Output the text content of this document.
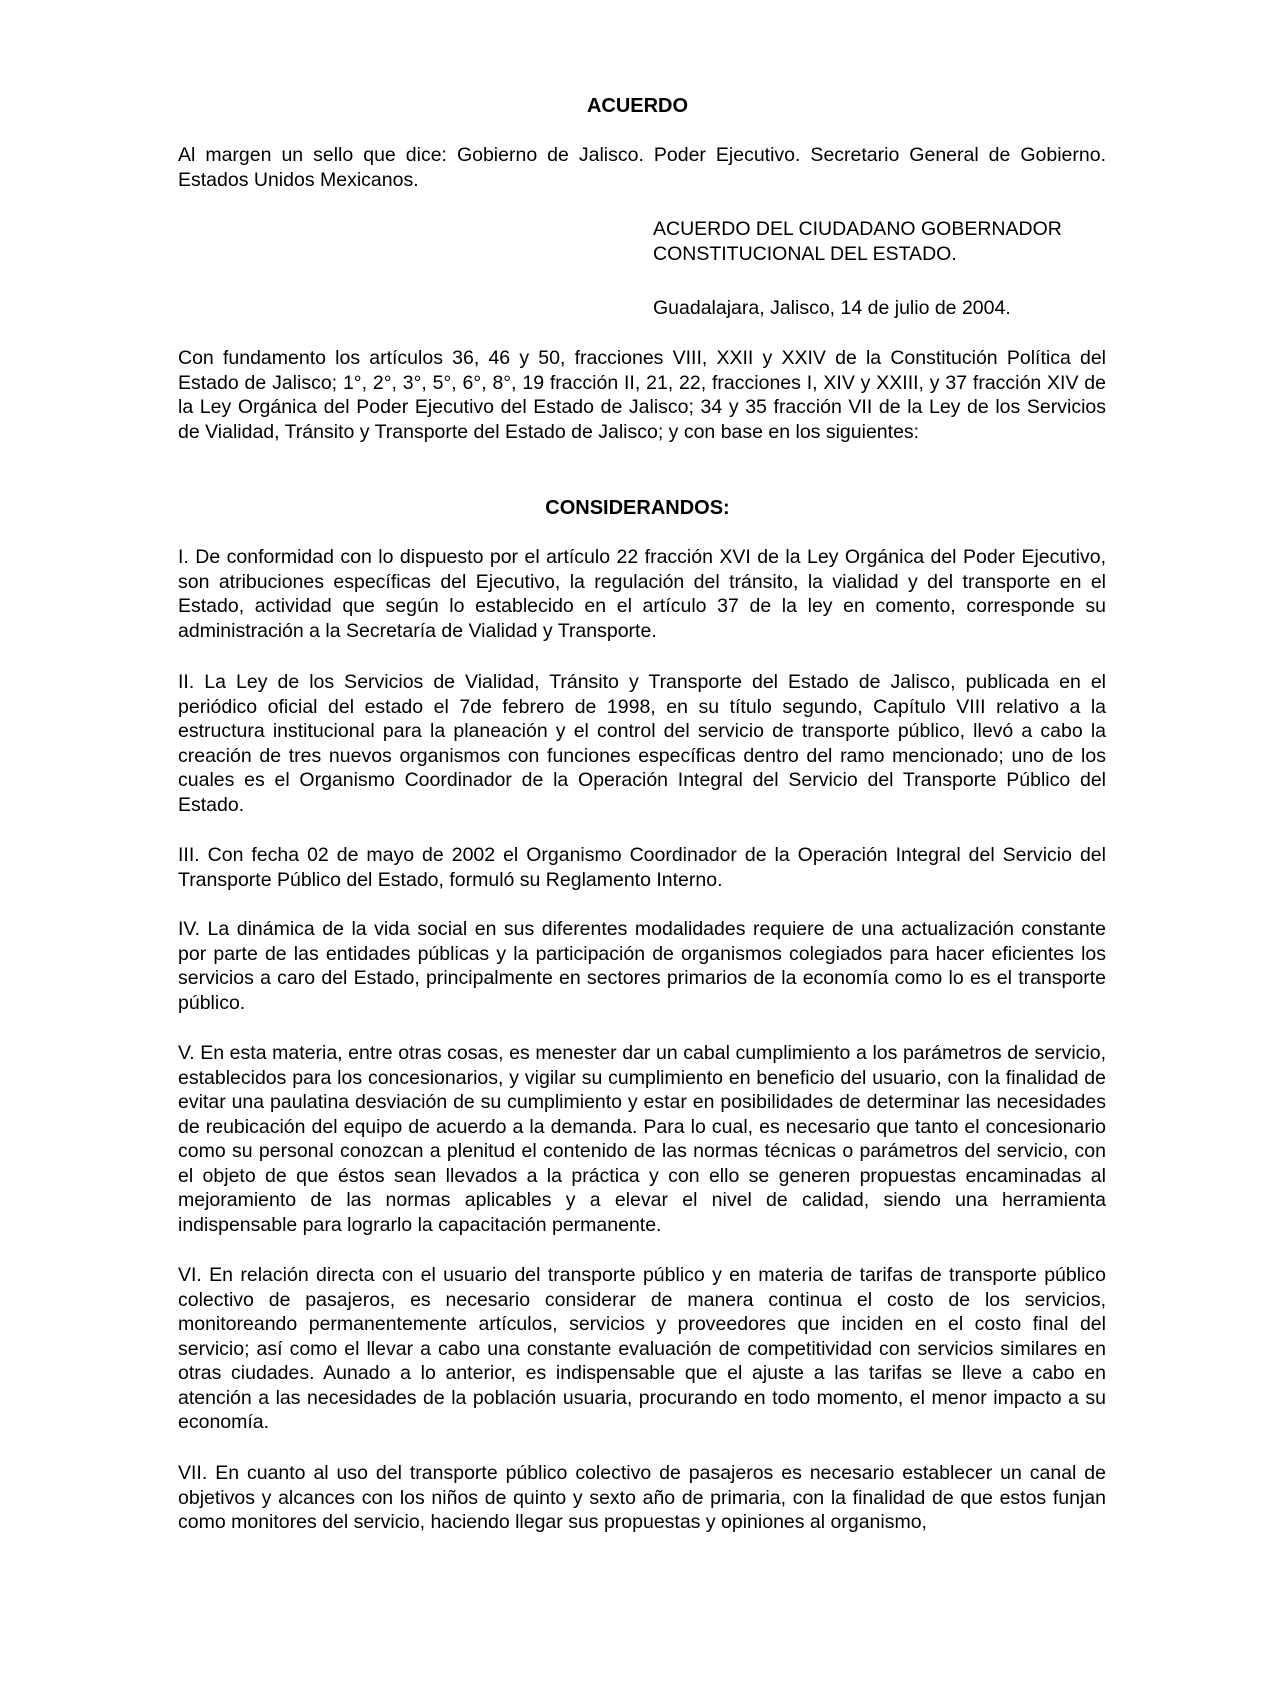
ACUERDO

Al margen un sello que dice: Gobierno de Jalisco. Poder Ejecutivo. Secretario General de Gobierno. Estados Unidos Mexicanos.

ACUERDO DEL CIUDADANO GOBERNADOR
CONSTITUCIONAL DEL ESTADO.
Guadalajara, Jalisco, 14 de julio de 2004.

Con fundamento los artículos 36, 46 y 50, fracciones VIII, XXII y XXIV de la Constitución Política del Estado de Jalisco; 1°, 2°, 3°, 5°, 6°, 8°, 19 fracción II, 21, 22, fracciones I, XIV y XXIII, y 37 fracción XIV de la Ley Orgánica del Poder Ejecutivo del Estado de Jalisco; 34 y 35 fracción VII de la Ley de los Servicios de Vialidad, Tránsito y Transporte del Estado de Jalisco; y con base en los siguientes:

CONSIDERANDOS:

I. De conformidad con lo dispuesto por el artículo 22 fracción XVI de la Ley Orgánica del Poder Ejecutivo, son atribuciones específicas del Ejecutivo, la regulación del tránsito, la vialidad y del transporte en el Estado, actividad que según lo establecido en el artículo 37 de la ley en comento, corresponde su administración a la Secretaría de Vialidad y Transporte.

II. La Ley de los Servicios de Vialidad, Tránsito y Transporte del Estado de Jalisco, publicada en el periódico oficial del estado el 7de febrero de 1998, en su título segundo, Capítulo VIII relativo a la estructura institucional para la planeación y el control del servicio de transporte público, llevó a cabo la creación de tres nuevos organismos con funciones específicas dentro del ramo mencionado; uno de los cuales es el Organismo Coordinador de la Operación Integral del Servicio del Transporte Público del Estado.

III. Con fecha 02 de mayo de 2002 el Organismo Coordinador de la Operación Integral del Servicio del Transporte Público del Estado, formuló su Reglamento Interno.

IV. La dinámica de la vida social en sus diferentes modalidades requiere de una actualización constante por parte de las entidades públicas y la participación de organismos colegiados para hacer eficientes los servicios a caro del Estado, principalmente en sectores primarios de la economía como lo es el transporte público.

V. En esta materia, entre otras cosas, es menester dar un cabal cumplimiento a los parámetros de servicio, establecidos para los concesionarios, y vigilar su cumplimiento en beneficio del usuario, con la finalidad de evitar una paulatina desviación de su cumplimiento y estar en posibilidades de determinar las necesidades de reubicación del equipo de acuerdo a la demanda. Para lo cual, es necesario que tanto el concesionario como su personal conozcan a plenitud el contenido de las normas técnicas o parámetros del servicio, con el objeto de que éstos sean llevados a la práctica y con ello se generen propuestas encaminadas al mejoramiento de las normas aplicables y a elevar el nivel de calidad, siendo una herramienta indispensable para lograrlo la capacitación permanente.

VI. En relación directa con el usuario del transporte público y en materia de tarifas de transporte público colectivo de pasajeros, es necesario considerar de manera continua el costo de los servicios, monitoreando permanentemente artículos, servicios y proveedores que inciden en el costo final del servicio; así como el llevar a cabo una constante evaluación de competitividad con servicios similares en otras ciudades. Aunado a lo anterior, es indispensable que el ajuste a las tarifas se lleve a cabo en atención a las necesidades de la población usuaria, procurando en todo momento, el menor impacto a su economía.

VII. En cuanto al uso del transporte público colectivo de pasajeros es necesario establecer un canal de objetivos y alcances con los niños de quinto y sexto año de primaria, con la finalidad de que estos funjan como monitores del servicio, haciendo llegar sus propuestas y opiniones al organismo,
